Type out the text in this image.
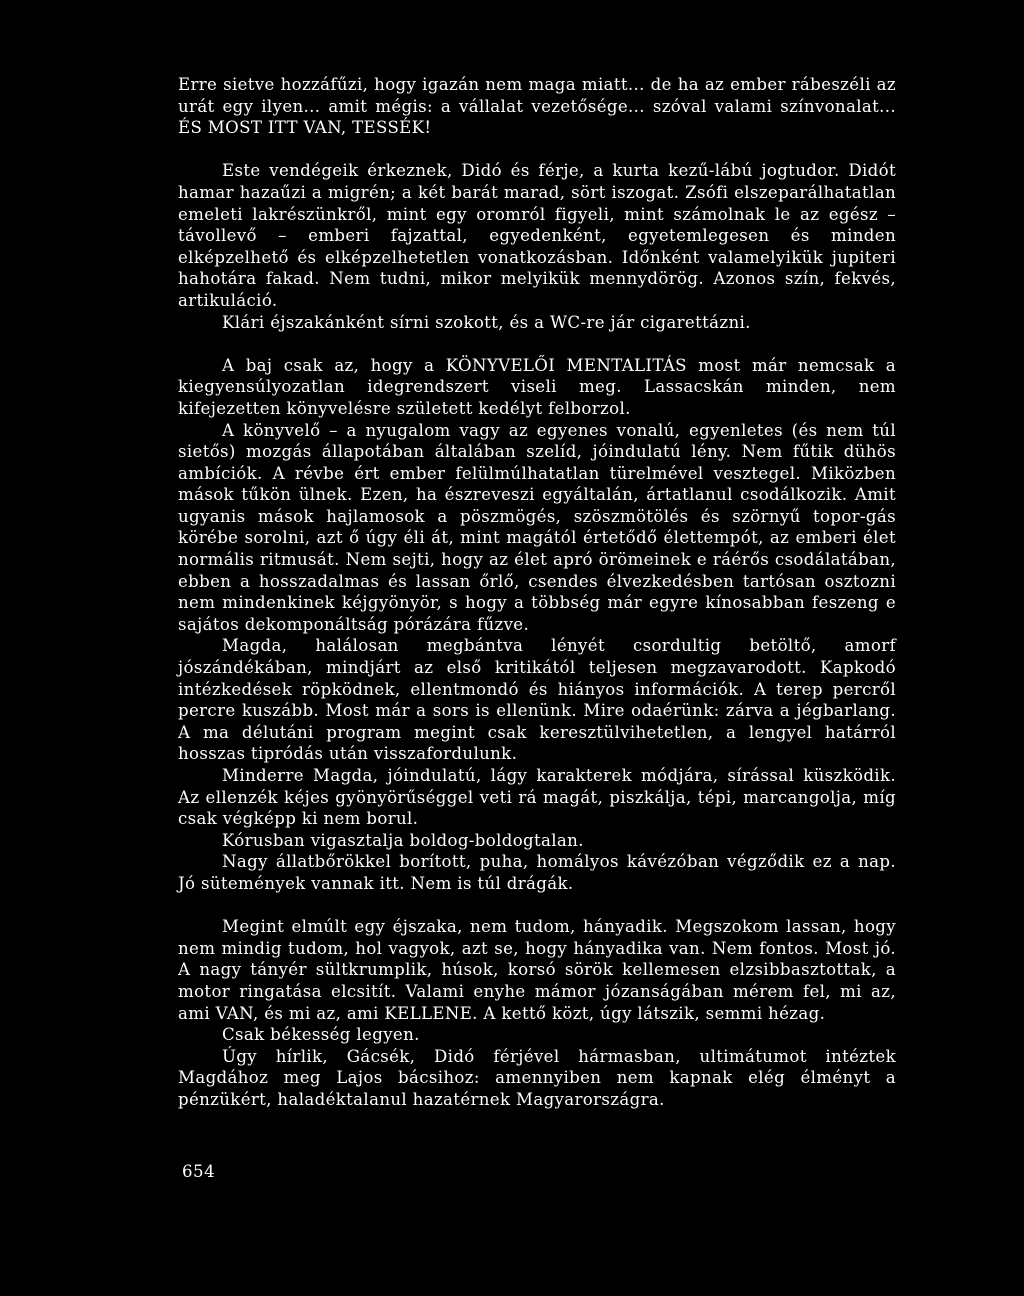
Erre sietve hozzáfűzi, hogy igazán nem maga miatt... de ha az ember rábeszéli az urát egy ilyen... amit mégis: a vállalat vezetősége... szóval valami színvonalat... ÉS MOST ITT VAN, TESSÉK!

Este vendégeik érkeznek, Didó és férje, a kurta kezű-lábú jogtudor. Didót hamar hazaűzi a migrén; a két barát marad, sört iszogat. Zsófi elszeparálhatatlan emeleti lakrészünkről, mint egy oromról figyeli, mint számolnak le az egész – távollevő – emberi fajzattal, egyedenként, egyetemlegesen és minden elképzelhető és elképzelhetetlen vonatkozásban. Időnként valamelyikük jupiteri hahotára fakad. Nem tudni, mikor melyikük mennydörög. Azonos szín, fekvés, artikuláció.

Klári éjszakánként sírni szokott, és a WC-re jár cigarettázni.

A baj csak az, hogy a KÖNYVELŐI MENTALITÁS most már nemcsak a kiegyensúlyozatlan idegrendszert viseli meg. Lassacskán minden, nem kifejezetten könyvelésre született kedélyt felborzol.

A könyvelő – a nyugalom vagy az egyenes vonalú, egyenletes (és nem túl sietős) mozgás állapotában általában szelíd, jóindulatú lény. Nem fűtik dühös ambíciók. A révbe ért ember felülmúlhatatlan türelmével vesztegel. Miközben mások tűkön ülnek. Ezen, ha észreveszi egyáltalán, ártatlanul csodálkozik. Amit ugyanis mások hajlamosok a pöszmögés, szöszmötölés és szörnyű topor-gás körébe sorolni, azt ő úgy éli át, mint magától értetődő élettempót, az emberi élet normális ritmusát. Nem sejti, hogy az élet apró örömeinek e ráérős csodálatában, ebben a hosszadalmas és lassan őrlő, csendes élvezkedésben tartósan osztozni nem mindenkinek kéjgyönyör, s hogy a többség már egyre kínosabban feszeng e sajátos dekomponáltság pórázára fűzve.

Magda, halálosan megbántva lényét csordultig betöltő, amorf jószándékában, mindjárt az első kritikától teljesen megzavarodott. Kapkodó intézkedések röpködnek, ellentmondó és hiányos információk. A terep percről percre kuszább. Most már a sors is ellenünk. Mire odaérünk: zárva a jégbarlang. A ma délutáni program megint csak keresztülvihetetlen, a lengyel határról hosszas tipródás után visszafordulunk.

Minderre Magda, jóindulatú, lágy karakterek módjára, sírással küszködik. Az ellenzék kéjes gyönyörűséggel veti rá magát, piszkálja, tépi, marcangolja, míg csak végképp ki nem borul.

Kórusban vigasztalja boldog-boldogtalan.

Nagy állatbőrökkel borított, puha, homályos kávézóban végződik ez a nap. Jó sütemények vannak itt. Nem is túl drágák.

Megint elmúlt egy éjszaka, nem tudom, hányadik. Megszokom lassan, hogy nem mindig tudom, hol vagyok, azt se, hogy hányadika van. Nem fontos. Most jó. A nagy tányér sültkrumplik, húsok, korsó sörök kellemesen elzsibbasztottak, a motor ringatása elcsitít. Valami enyhe mámor józanságában mérem fel, mi az, ami VAN, és mi az, ami KELLENE. A kettő közt, úgy látszik, semmi hézag.

Csak békesség legyen.

Úgy hírlik, Gácsék, Didó férjével hármasban, ultimátumot intéztek Magdához meg Lajos bácsihoz: amennyiben nem kapnak elég élményt a pénzükért, haladéktalanul hazatérnek Magyarországra.

654
